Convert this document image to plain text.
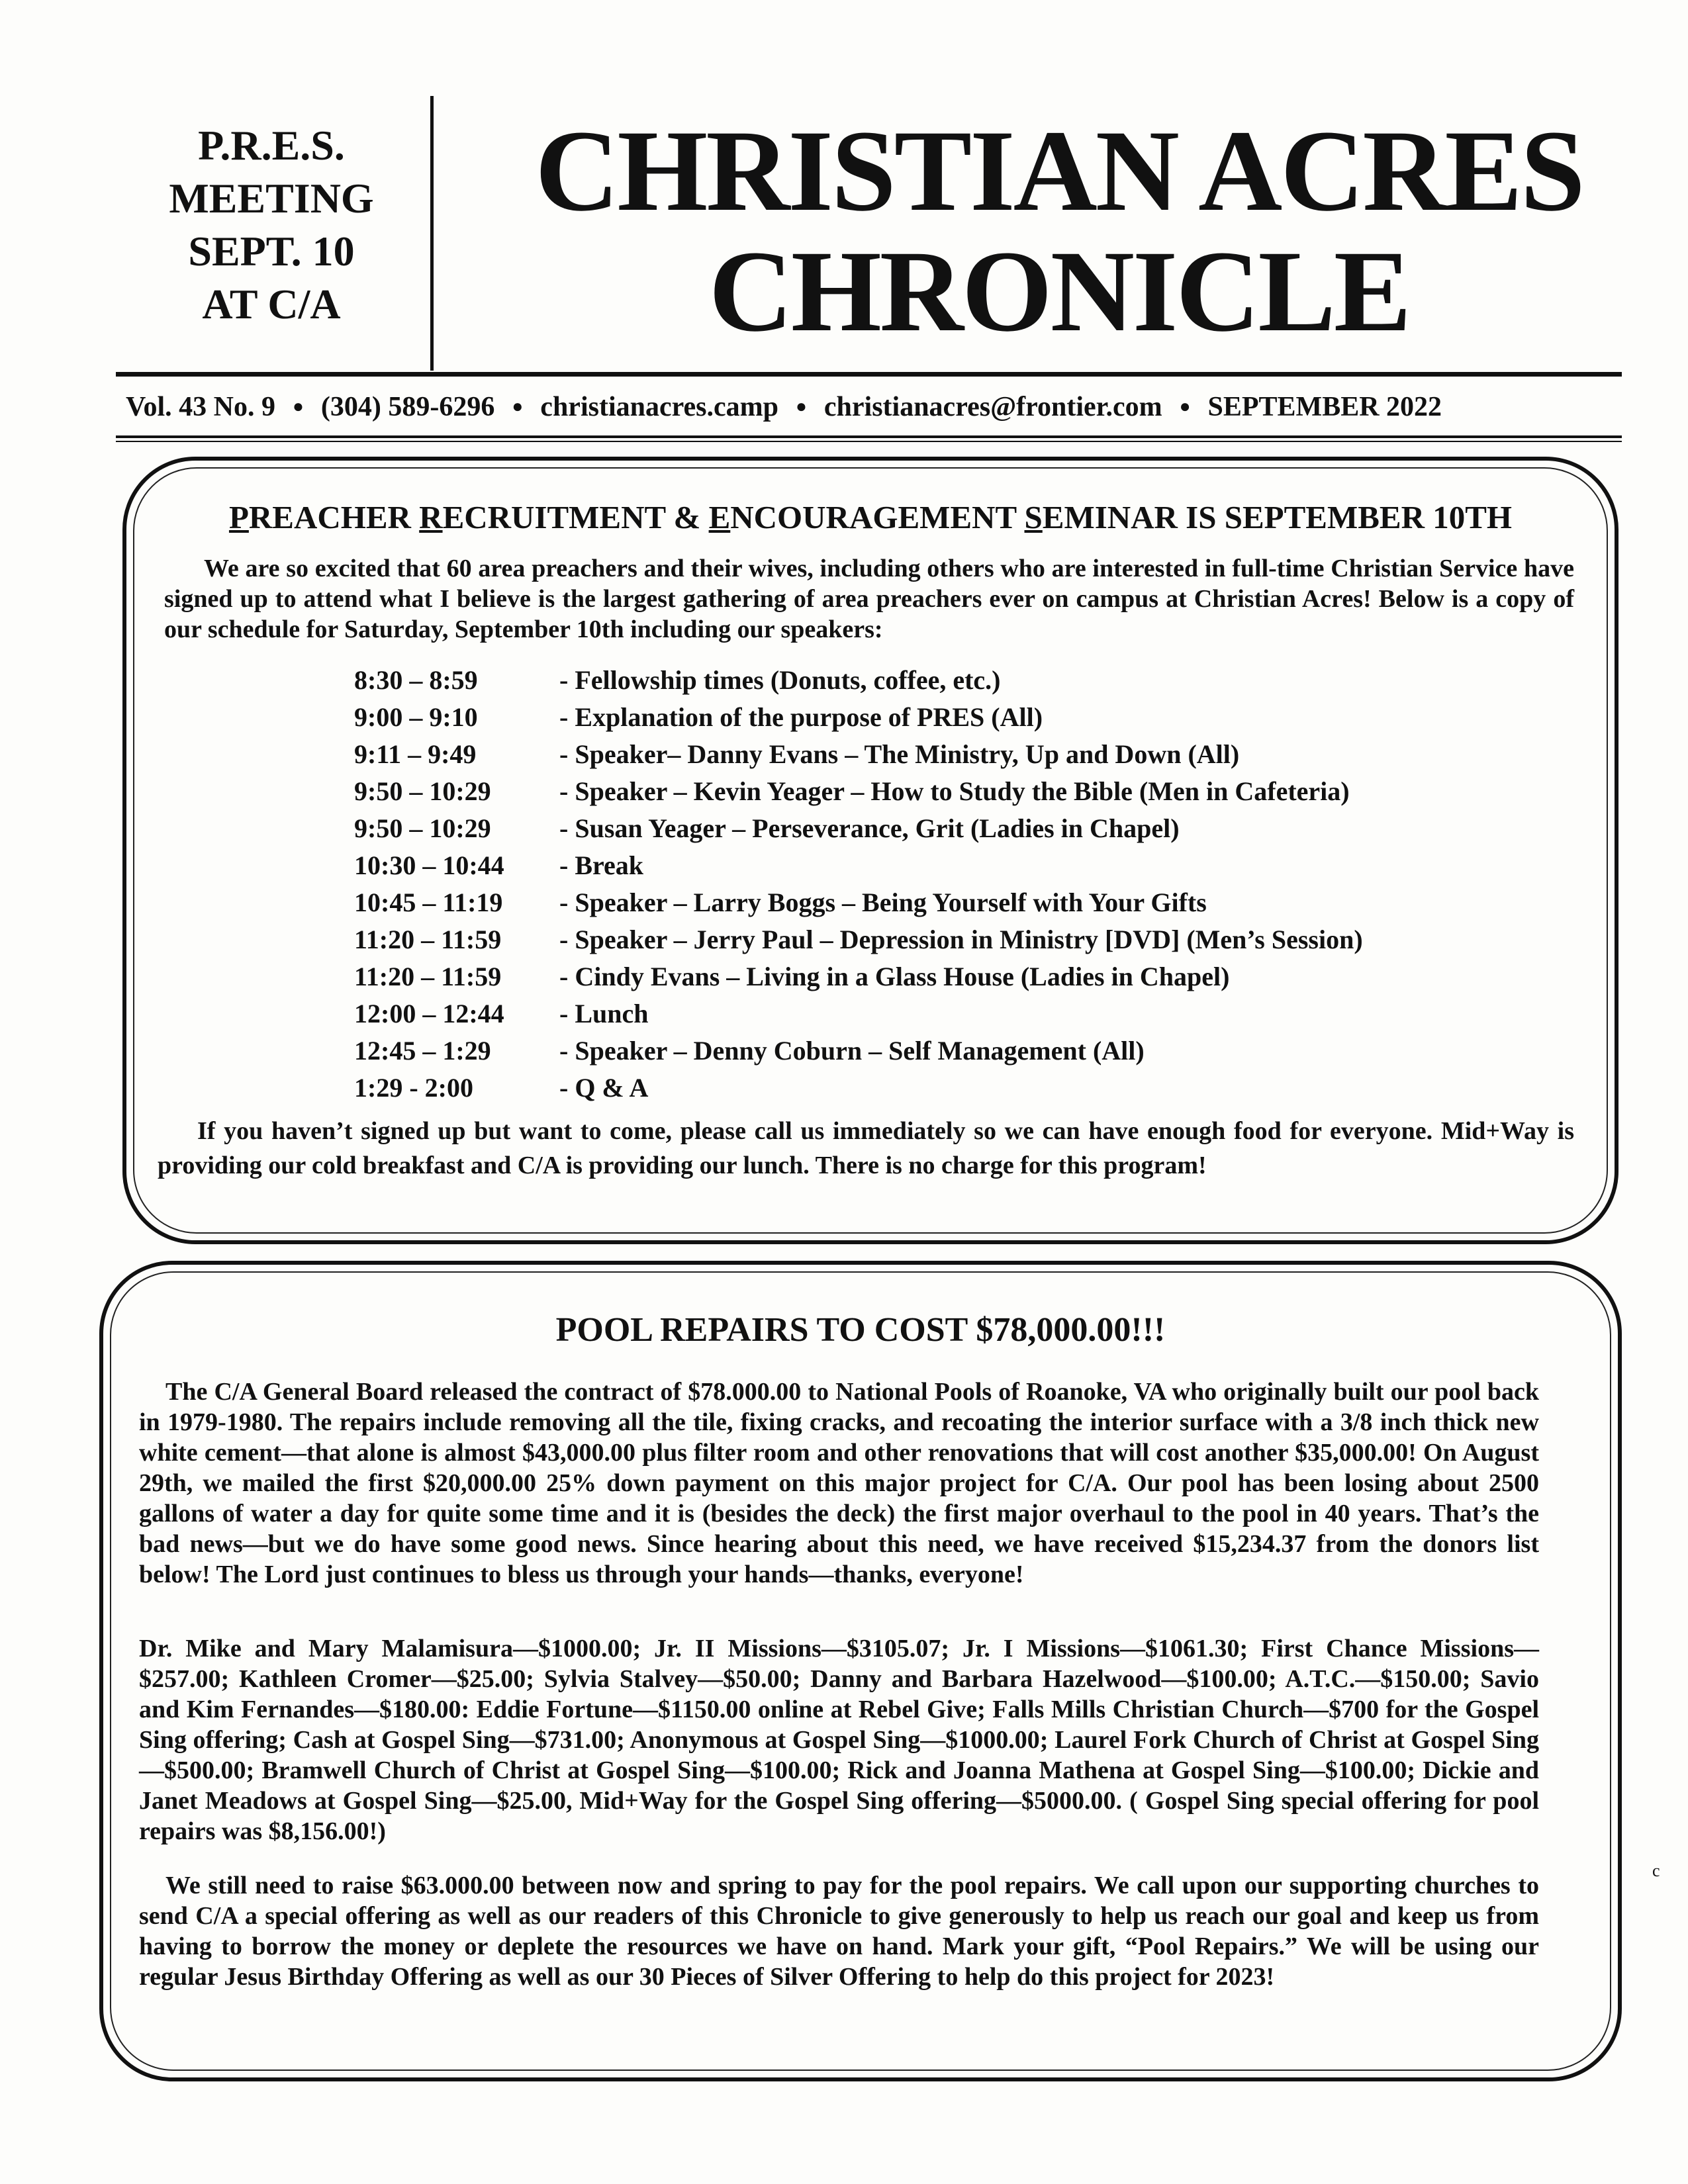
P.R.E.S.
MEETING
SEPT. 10
AT C/A
CHRISTIAN ACRES
CHRONICLE
Vol. 43 No. 9 ● (304) 589-6296 ● christianacres.camp ● christianacres@frontier.com ● SEPTEMBER 2022
PREACHER RECRUITMENT & ENCOURAGEMENT SEMINAR IS SEPTEMBER 10TH
We are so excited that 60 area preachers and their wives, including others who are interested in full-time Christian Service have signed up to attend what I believe is the largest gathering of area preachers ever on campus at Christian Acres! Below is a copy of our schedule for Saturday, September 10th including our speakers:
8:30 – 8:59	- Fellowship times (Donuts, coffee, etc.)
9:00 – 9:10	- Explanation of the purpose of PRES (All)
9:11 – 9:49	- Speaker– Danny Evans – The Ministry, Up and Down (All)
9:50 – 10:29	- Speaker – Kevin Yeager – How to Study the Bible (Men in Cafeteria)
9:50 – 10:29	- Susan Yeager – Perseverance, Grit (Ladies in Chapel)
10:30 – 10:44	- Break
10:45 – 11:19	- Speaker – Larry Boggs – Being Yourself with Your Gifts
11:20 – 11:59	- Speaker – Jerry Paul – Depression in Ministry [DVD] (Men’s Session)
11:20 – 11:59	- Cindy Evans – Living in a Glass House (Ladies in Chapel)
12:00 – 12:44	- Lunch
12:45 – 1:29	- Speaker – Denny Coburn – Self Management (All)
1:29 - 2:00	- Q & A
If you haven’t signed up but want to come, please call us immediately so we can have enough food for everyone. Mid+Way is providing our cold breakfast and C/A is providing our lunch. There is no charge for this program!
POOL REPAIRS TO COST $78,000.00!!!
The C/A General Board released the contract of $78.000.00 to National Pools of Roanoke, VA who originally built our pool back in 1979-1980. The repairs include removing all the tile, fixing cracks, and recoating the interior surface with a 3/8 inch thick new white cement—that alone is almost $43,000.00 plus filter room and other renovations that will cost another $35,000.00! On August 29th, we mailed the first $20,000.00 25% down payment on this major project for C/A. Our pool has been losing about 2500 gallons of water a day for quite some time and it is (besides the deck) the first major overhaul to the pool in 40 years. That’s the bad news—but we do have some good news. Since hearing about this need, we have received $15,234.37 from the donors list below! The Lord just continues to bless us through your hands—thanks, everyone!
Dr. Mike and Mary Malamisura—$1000.00; Jr. II Missions—$3105.07; Jr. I Missions—$1061.30; First Chance Missions—$257.00; Kathleen Cromer—$25.00; Sylvia Stalvey—$50.00; Danny and Barbara Hazelwood—$100.00; A.T.C.—$150.00; Savio and Kim Fernandes—$180.00: Eddie Fortune—$1150.00 online at Rebel Give; Falls Mills Christian Church—$700 for the Gospel Sing offering; Cash at Gospel Sing—$731.00; Anonymous at Gospel Sing—$1000.00; Laurel Fork Church of Christ at Gospel Sing—$500.00; Bramwell Church of Christ at Gospel Sing—$100.00; Rick and Joanna Mathena at Gospel Sing—$100.00; Dickie and Janet Meadows at Gospel Sing—$25.00, Mid+Way for the Gospel Sing offering—$5000.00. ( Gospel Sing special offering for pool repairs was $8,156.00!)
We still need to raise $63.000.00 between now and spring to pay for the pool repairs. We call upon our supporting churches to send C/A a special offering as well as our readers of this Chronicle to give generously to help us reach our goal and keep us from having to borrow the money or deplete the resources we have on hand. Mark your gift, “Pool Repairs.” We will be using our regular Jesus Birthday Offering as well as our 30 Pieces of Silver Offering to help do this project for 2023!
c
